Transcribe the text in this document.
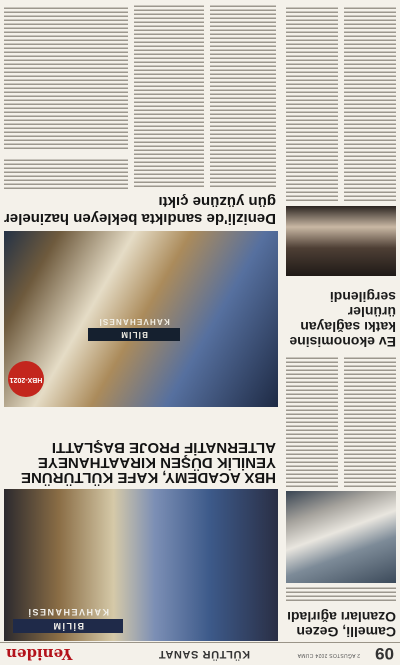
09
2 AĞUSTOS 2024 CUMA
KÜLTÜR SANAT
Yeniden
Camelli, Gezen Ozanları ağırladı
Ev ekonomisine katkı sağlayan ürünler sergilendi
BİLİM KAHVEHANESİ
HBX ACADEMY, KAFE KÜLTÜRÜNE YENİLİK DÜŞEN KIRAATHANEYE ALTERNATİF PROJE BAŞLATTI
BİLİM KAHVEHANESİ
HBX-2021
Denizli'de sandıkta bekleyen hazineler gün yüzüne çıktı
